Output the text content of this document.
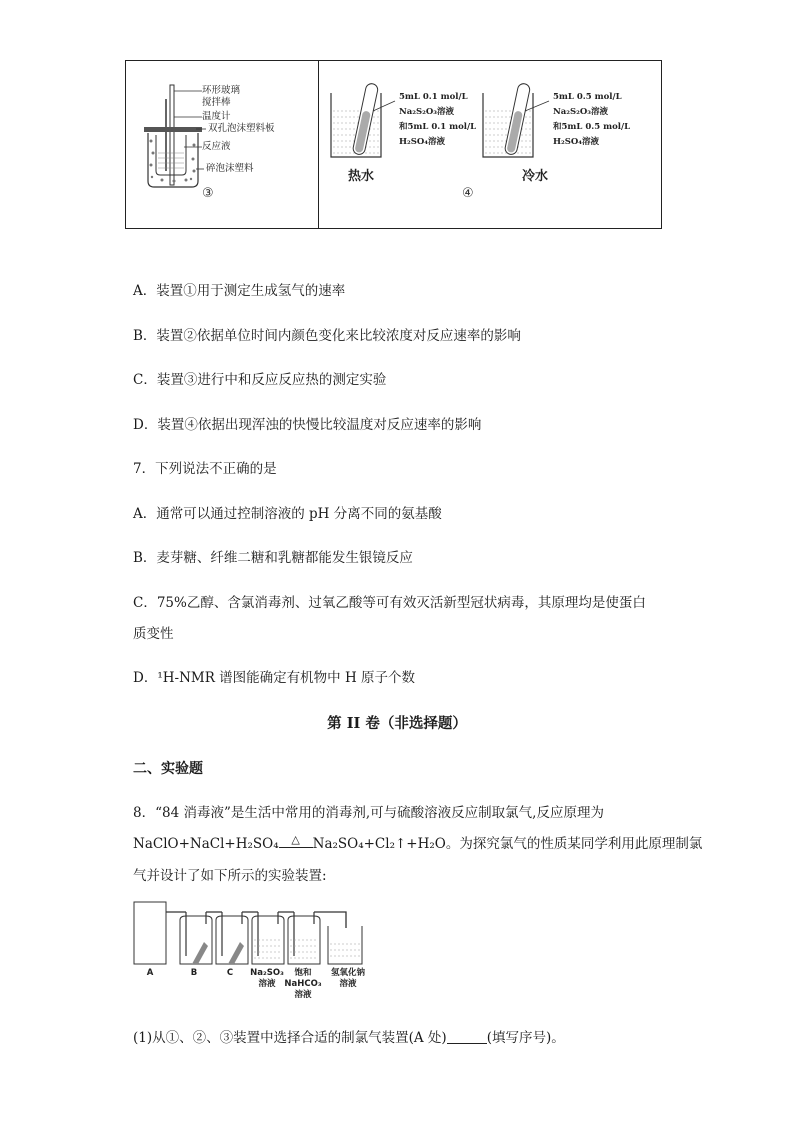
环形玻璃
搅拌棒
温度计
双孔泡沫塑料板
反应液
碎泡沫塑料
③
5mL 0.1 mol/L
Na₂S₂O₃溶液
和5mL 0.1 mol/L
H₂SO₄溶液
5mL 0.5 mol/L
Na₂S₂O₃溶液
和5mL 0.5 mol/L
H₂SO₄溶液
热水	冷水
④
A．装置①用于测定生成氢气的速率
B．装置②依据单位时间内颜色变化来比较浓度对反应速率的影响
C．装置③进行中和反应反应热的测定实验
D．装置④依据出现浑浊的快慢比较温度对反应速率的影响
7．下列说法不正确的是
A．通常可以通过控制溶液的 pH 分离不同的氨基酸
B．麦芽糖、纤维二糖和乳糖都能发生银镜反应
C．75%乙醇、含氯消毒剂、过氧乙酸等可有效灭活新型冠状病毒，其原理均是使蛋白
质变性
D．¹H-NMR 谱图能确定有机物中 H 原子个数
第 II 卷（非选择题）
二、实验题
8．“84 消毒液”是生活中常用的消毒剂,可与硫酸溶液反应制取氯气,反应原理为
NaClO+NaCl+H₂SO₄	△ Na₂SO₄+Cl₂↑+H₂O。为探究氯气的性质某同学利用此原理制氯
气并设计了如下所示的实验装置:
A	B	C	Na₂SO₃
溶液
饱和
NaHCO₃
溶液
氢氧化钠
溶液
(1)从①、②、③装置中选择合适的制氯气装置(A 处)	(填写序号)。
